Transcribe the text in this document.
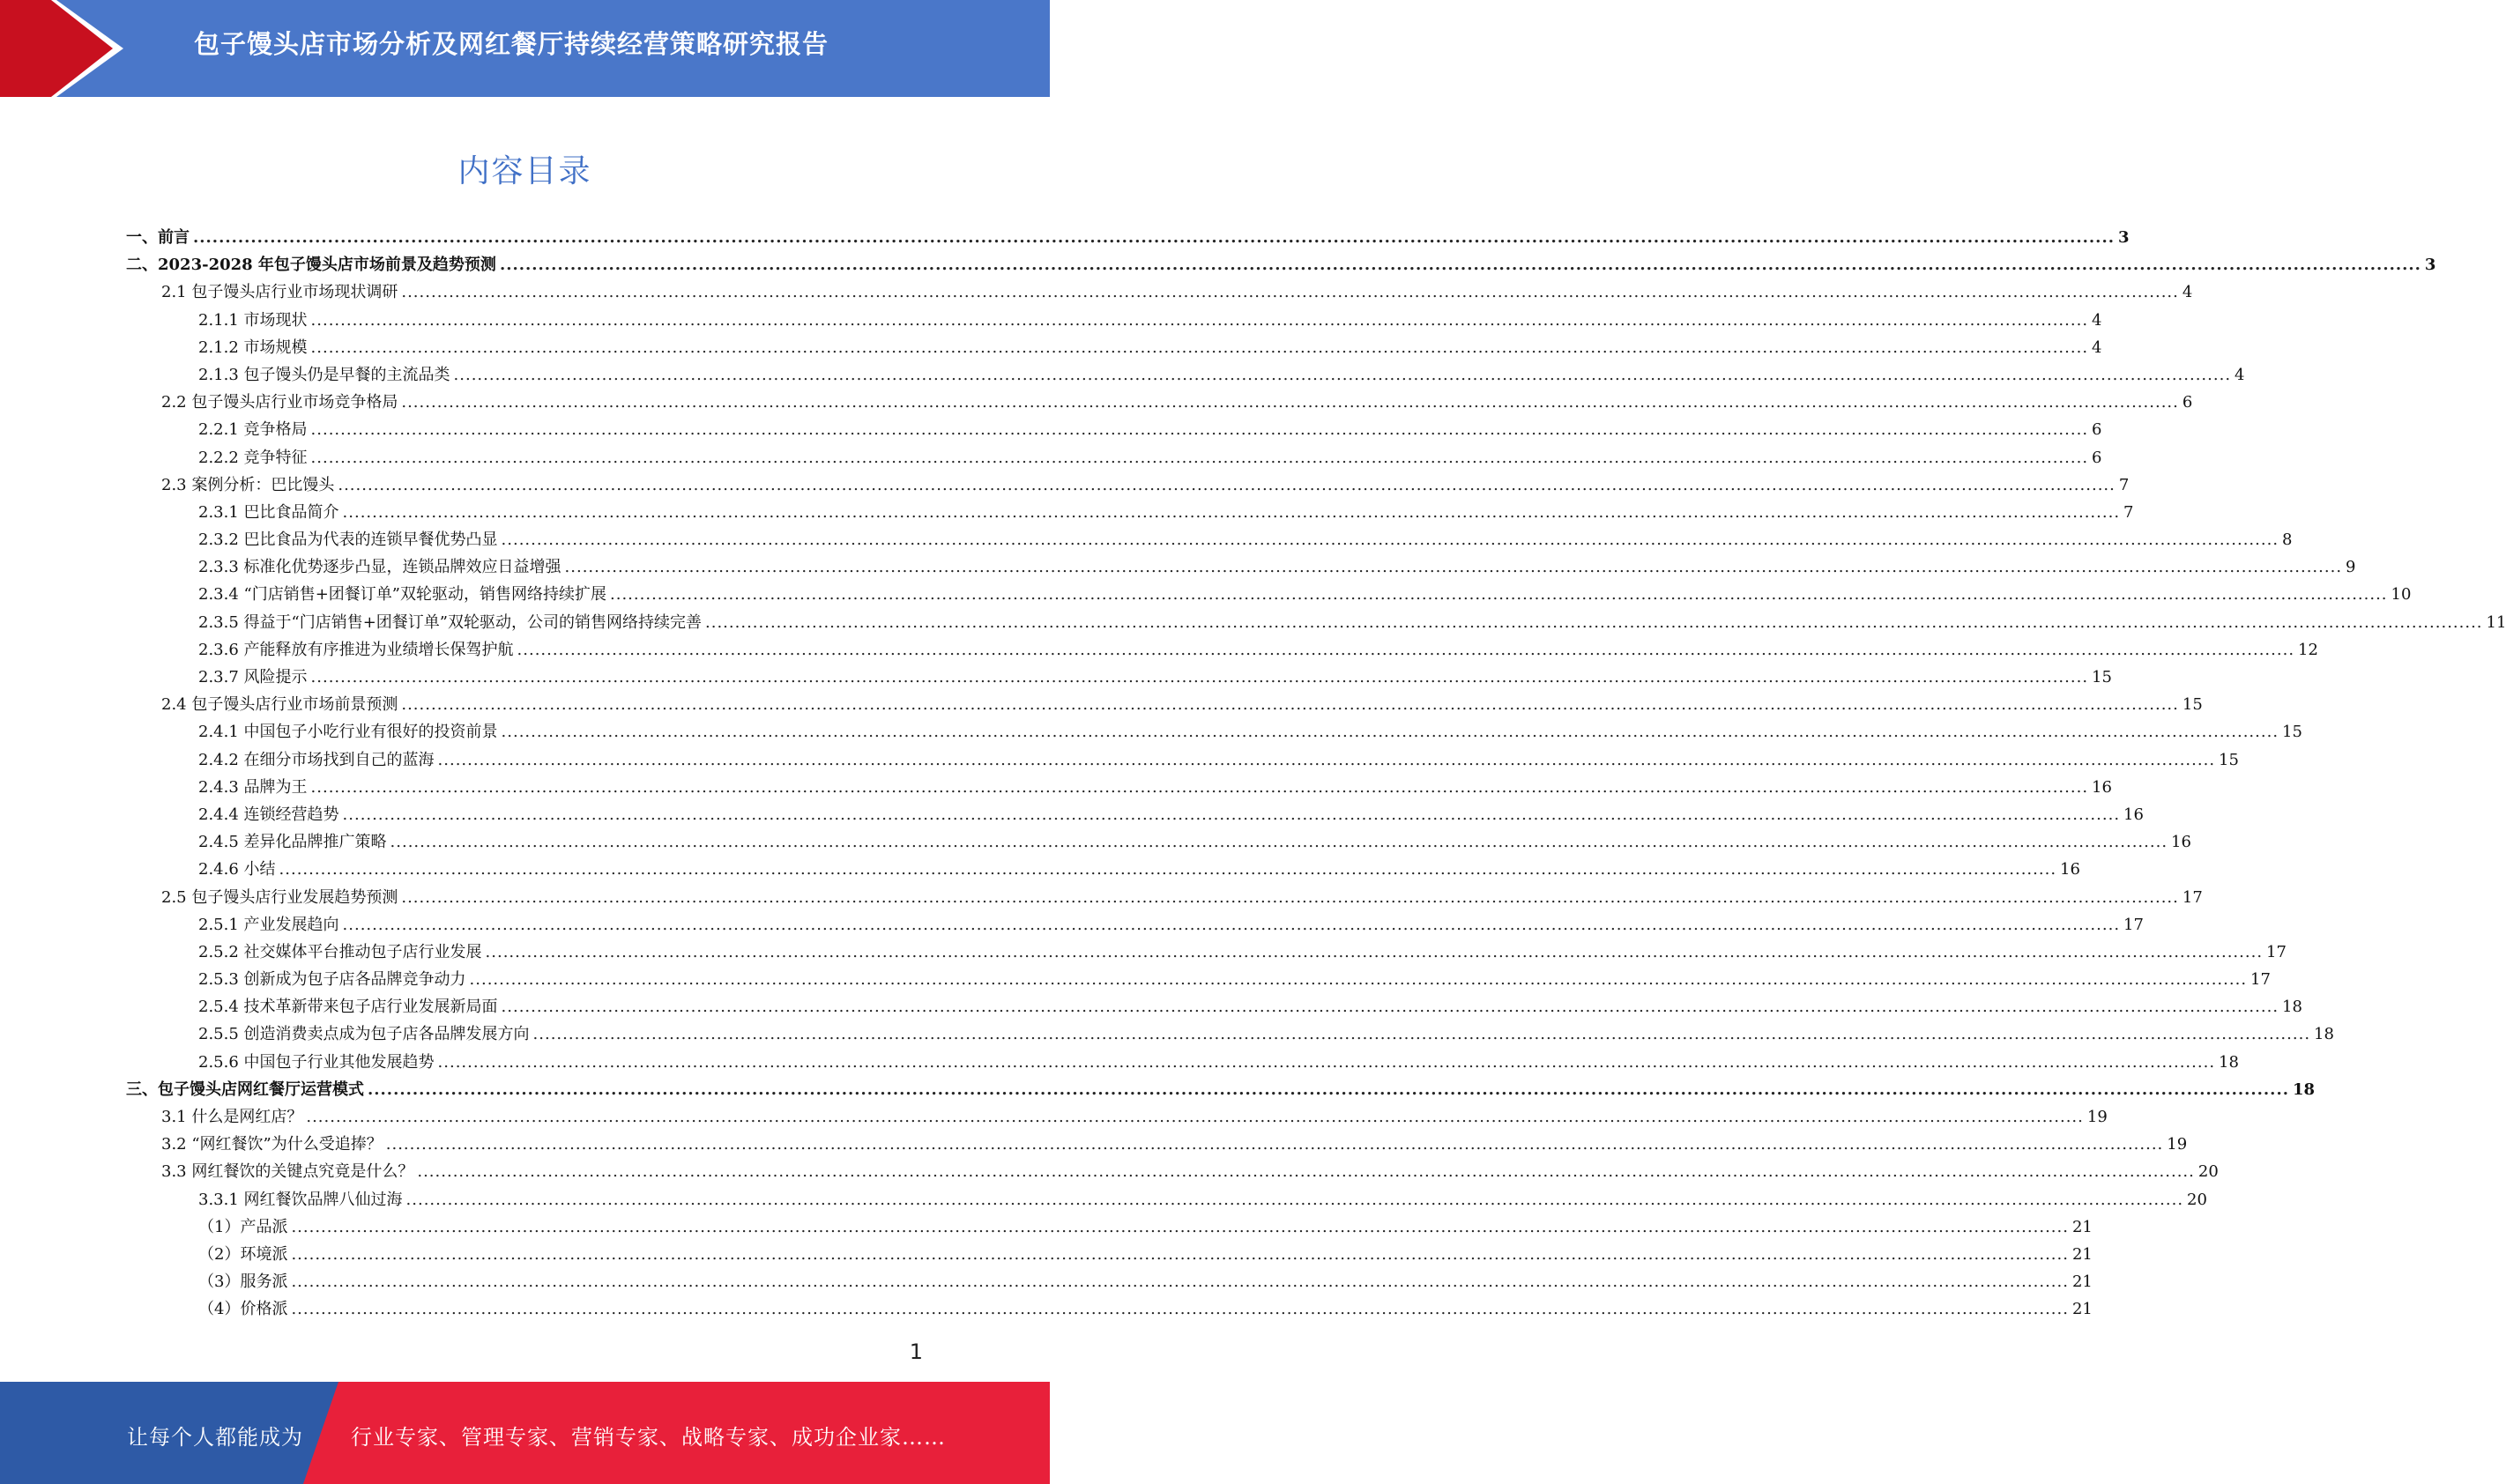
包子馒头店市场分析及网红餐厅持续经营策略研究报告
内容目录
一、前言 ............................................................................................................................................................................................................................................................................................................ 3
二、2023-2028 年包子馒头店市场前景及趋势预测 ............................................................................................................................................................................................................................................................................................................ 3
2.1 包子馒头店行业市场现状调研 ............................................................................................................................................................................................................................................................................................................ 4
2.1.1 市场现状 ............................................................................................................................................................................................................................................................................................................ 4
2.1.2 市场规模 ............................................................................................................................................................................................................................................................................................................ 4
2.1.3 包子馒头仍是早餐的主流品类 ............................................................................................................................................................................................................................................................................................................ 4
2.2 包子馒头店行业市场竞争格局 ............................................................................................................................................................................................................................................................................................................ 6
2.2.1 竞争格局 ............................................................................................................................................................................................................................................................................................................ 6
2.2.2 竞争特征 ............................................................................................................................................................................................................................................................................................................ 6
2.3 案例分析：巴比馒头 ............................................................................................................................................................................................................................................................................................................ 7
2.3.1 巴比食品简介 ............................................................................................................................................................................................................................................................................................................ 7
2.3.2 巴比食品为代表的连锁早餐优势凸显 ............................................................................................................................................................................................................................................................................................................ 8
2.3.3 标准化优势逐步凸显，连锁品牌效应日益增强 ............................................................................................................................................................................................................................................................................................................ 9
2.3.4 “门店销售+团餐订单”双轮驱动，销售网络持续扩展 ............................................................................................................................................................................................................................................................................................................ 10
2.3.5 得益于“门店销售+团餐订单”双轮驱动，公司的销售网络持续完善 ............................................................................................................................................................................................................................................................................................................ 11
2.3.6 产能释放有序推进为业绩增长保驾护航 ............................................................................................................................................................................................................................................................................................................ 12
2.3.7 风险提示 ............................................................................................................................................................................................................................................................................................................ 15
2.4 包子馒头店行业市场前景预测 ............................................................................................................................................................................................................................................................................................................ 15
2.4.1 中国包子小吃行业有很好的投资前景 ............................................................................................................................................................................................................................................................................................................ 15
2.4.2 在细分市场找到自己的蓝海 ............................................................................................................................................................................................................................................................................................................ 15
2.4.3 品牌为王 ............................................................................................................................................................................................................................................................................................................ 16
2.4.4 连锁经营趋势 ............................................................................................................................................................................................................................................................................................................ 16
2.4.5 差异化品牌推广策略 ............................................................................................................................................................................................................................................................................................................ 16
2.4.6 小结 ............................................................................................................................................................................................................................................................................................................ 16
2.5 包子馒头店行业发展趋势预测 ............................................................................................................................................................................................................................................................................................................ 17
2.5.1 产业发展趋向 ............................................................................................................................................................................................................................................................................................................ 17
2.5.2 社交媒体平台推动包子店行业发展 ............................................................................................................................................................................................................................................................................................................ 17
2.5.3 创新成为包子店各品牌竞争动力 ............................................................................................................................................................................................................................................................................................................ 17
2.5.4 技术革新带来包子店行业发展新局面 ............................................................................................................................................................................................................................................................................................................ 18
2.5.5 创造消费卖点成为包子店各品牌发展方向 ............................................................................................................................................................................................................................................................................................................ 18
2.5.6 中国包子行业其他发展趋势 ............................................................................................................................................................................................................................................................................................................ 18
三、包子馒头店网红餐厅运营模式 ............................................................................................................................................................................................................................................................................................................ 18
3.1 什么是网红店？ ............................................................................................................................................................................................................................................................................................................ 19
3.2 “网红餐饮”为什么受追捧？ ............................................................................................................................................................................................................................................................................................................ 19
3.3 网红餐饮的关键点究竟是什么？ ............................................................................................................................................................................................................................................................................................................ 20
3.3.1 网红餐饮品牌八仙过海 ............................................................................................................................................................................................................................................................................................................ 20
（1）产品派 ............................................................................................................................................................................................................................................................................................................ 21
（2）环境派 ............................................................................................................................................................................................................................................................................................................ 21
（3）服务派 ............................................................................................................................................................................................................................................................................................................ 21
（4）价格派 ............................................................................................................................................................................................................................................................................................................ 21
1
让每个人都能成为 行业专家、管理专家、营销专家、战略专家、成功企业家……
